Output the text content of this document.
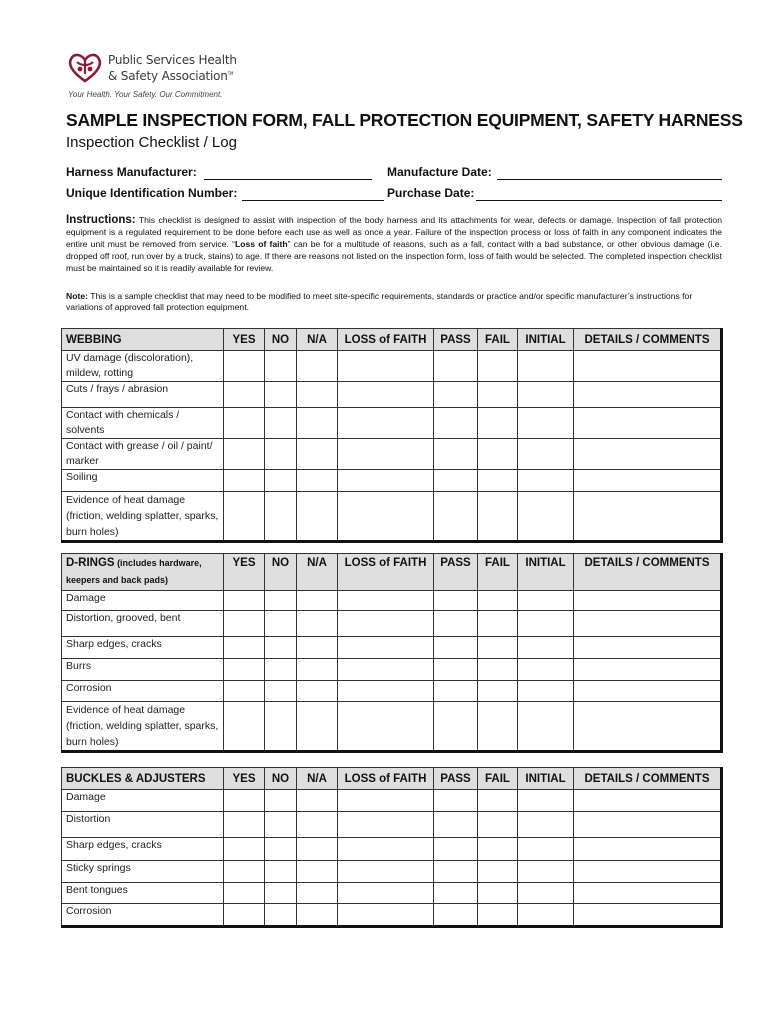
Public Services Health
& Safety Association™
Your Health. Your Safety. Our Commitment.
SAMPLE INSPECTION FORM, FALL PROTECTION EQUIPMENT, SAFETY HARNESS
Inspection Checklist / Log
Harness Manufacturer:	Manufacture Date:
Unique Identification Number:	Purchase Date:
Instructions: This checklist is designed to assist with inspection of the body harness and its attachments for wear, defects or damage. Inspection of fall protection equipment is a regulated requirement to be done before each use as well as once a year. Failure of the inspection process or loss of faith in any component indicates the entire unit must be removed from service. “Loss of faith” can be for a multitude of reasons, such as a fall, contact with a bad substance, or other obvious damage (i.e. dropped off roof, run over by a truck, stains) to age. If there are reasons not listed on the inspection form, loss of faith would be selected. The completed inspection checklist must be maintained so it is readily available for review.
Note: This is a sample checklist that may need to be modified to meet site-specific requirements, standards or practice and/or specific manufacturer’s instructions for variations of approved fall protection equipment.
WEBBING	YES	NO	N/A	LOSS of FAITH	PASS	FAIL	INITIAL	DETAILS / COMMENTS
UV damage (discoloration), mildew, rotting								
Cuts / frays / abrasion								
Contact with chemicals / solvents								
Contact with grease / oil / paint/ marker								
Soiling								
Evidence of heat damage (friction, welding splatter, sparks, burn holes)								
D-RINGS (includes hardware, keepers and back pads)	YES	NO	N/A	LOSS of FAITH	PASS	FAIL	INITIAL	DETAILS / COMMENTS
Damage								
Distortion, grooved, bent								
Sharp edges, cracks								
Burrs								
Corrosion								
Evidence of heat damage (friction, welding splatter, sparks, burn holes)								
BUCKLES & ADJUSTERS	YES	NO	N/A	LOSS of FAITH	PASS	FAIL	INITIAL	DETAILS / COMMENTS
Damage								
Distortion								
Sharp edges, cracks								
Sticky springs								
Bent tongues								
Corrosion								
